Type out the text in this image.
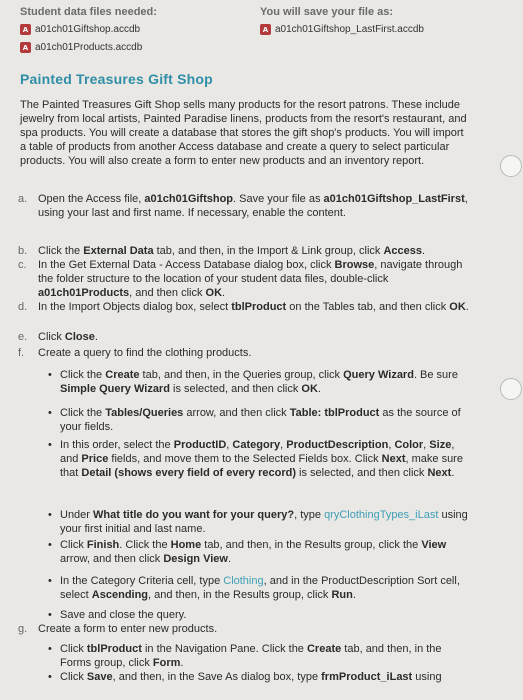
Student data files needed:	You will save your file as:
A a01ch01Giftshop.accdb
A a01ch01Products.accdb
A a01ch01Giftshop_LastFirst.accdb
Painted Treasures Gift Shop
The Painted Treasures Gift Shop sells many products for the resort patrons. These include jewelry from local artists, Painted Paradise linens, products from the resort's restaurant, and spa products. You will create a database that stores the gift shop's products. You will import a table of products from another Access database and create a query to select particular products. You will also create a form to enter new products and an inventory report.
a. Open the Access file, a01ch01Giftshop. Save your file as a01ch01Giftshop_LastFirst, using your last and first name. If necessary, enable the content.
b. Click the External Data tab, and then, in the Import & Link group, click Access.
c. In the Get External Data - Access Database dialog box, click Browse, navigate through the folder structure to the location of your student data files, double-click a01ch01Products, and then click OK.
d. In the Import Objects dialog box, select tblProduct on the Tables tab, and then click OK.
e. Click Close.
f. Create a query to find the clothing products.
• Click the Create tab, and then, in the Queries group, click Query Wizard. Be sure Simple Query Wizard is selected, and then click OK.
• Click the Tables/Queries arrow, and then click Table: tblProduct as the source of your fields.
• In this order, select the ProductID, Category, ProductDescription, Color, Size, and Price fields, and move them to the Selected Fields box. Click Next, make sure that Detail (shows every field of every record) is selected, and then click Next.
• Under What title do you want for your query?, type qryClothingTypes_iLast using your first initial and last name.
• Click Finish. Click the Home tab, and then, in the Results group, click the View arrow, and then click Design View.
• In the Category Criteria cell, type Clothing, and in the ProductDescription Sort cell, select Ascending, and then, in the Results group, click Run.
• Save and close the query.
g. Create a form to enter new products.
• Click tblProduct in the Navigation Pane. Click the Create tab, and then, in the Forms group, click Form.
• Click Save, and then, in the Save As dialog box, type frmProduct_iLast using
